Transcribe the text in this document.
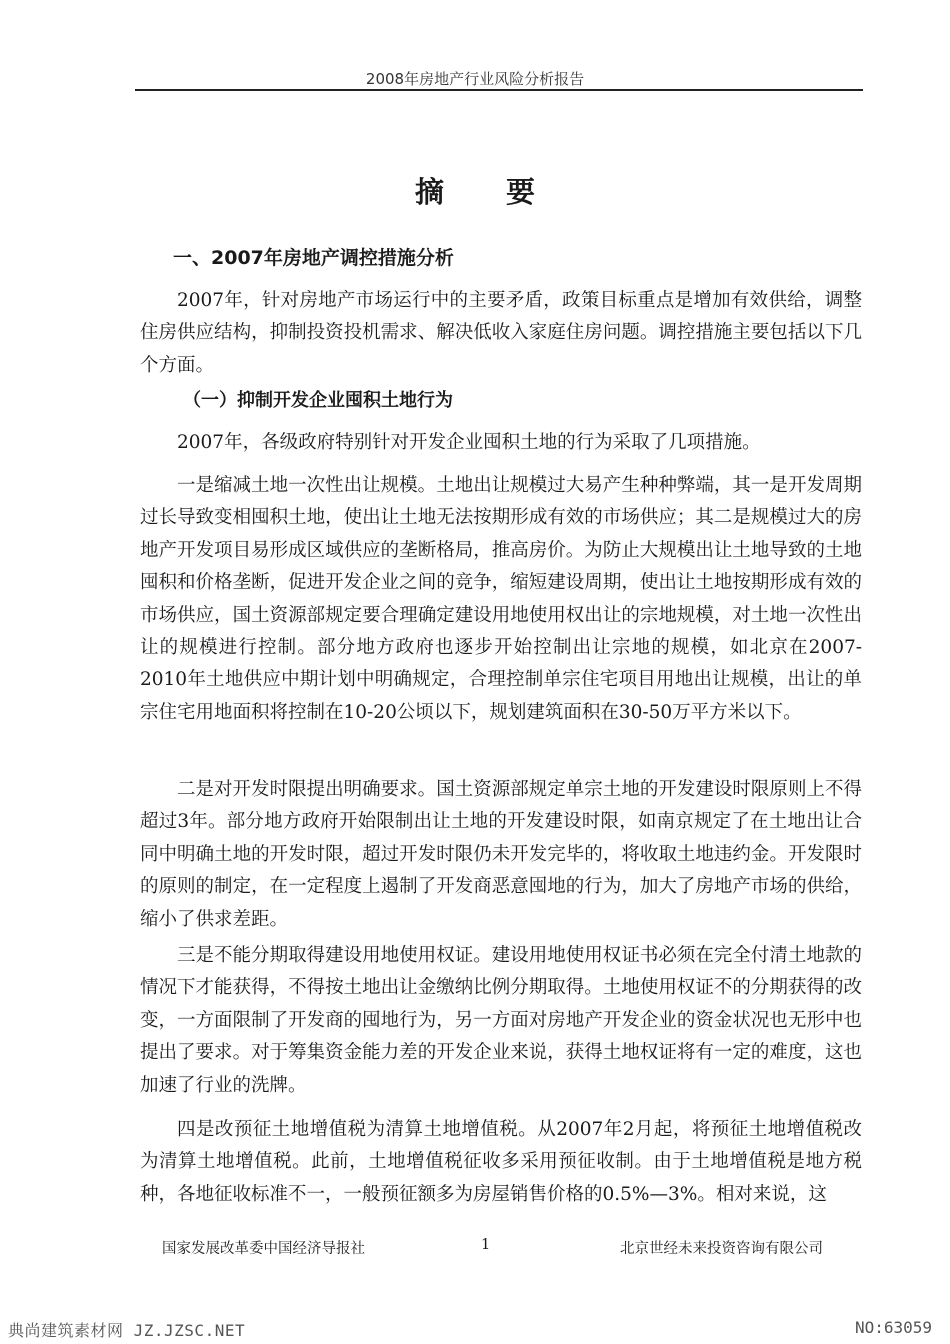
2008年房地产行业风险分析报告
摘 要
一、2007年房地产调控措施分析

2007年，针对房地产市场运行中的主要矛盾，政策目标重点是增加有效供给，调整住房供应结构，抑制投资投机需求、解决低收入家庭住房问题。调控措施主要包括以下几个方面。

（一）抑制开发企业囤积土地行为

2007年，各级政府特别针对开发企业囤积土地的行为采取了几项措施。

一是缩减土地一次性出让规模。土地出让规模过大易产生种种弊端，其一是开发周期过长导致变相囤积土地，使出让土地无法按期形成有效的市场供应；其二是规模过大的房地产开发项目易形成区域供应的垄断格局，推高房价。为防止大规模出让土地导致的土地囤积和价格垄断，促进开发企业之间的竞争，缩短建设周期，使出让土地按期形成有效的市场供应，国土资源部规定要合理确定建设用地使用权出让的宗地规模，对土地一次性出让的规模进行控制。部分地方政府也逐步开始控制出让宗地的规模，如北京在2007-2010年土地供应中期计划中明确规定，合理控制单宗住宅项目用地出让规模，出让的单宗住宅用地面积将控制在10-20公顷以下，规划建筑面积在30-50万平方米以下。

二是对开发时限提出明确要求。国土资源部规定单宗土地的开发建设时限原则上不得超过3年。部分地方政府开始限制出让土地的开发建设时限，如南京规定了在土地出让合同中明确土地的开发时限，超过开发时限仍未开发完毕的，将收取土地违约金。开发限时的原则的制定，在一定程度上遏制了开发商恶意囤地的行为，加大了房地产市场的供给，缩小了供求差距。

三是不能分期取得建设用地使用权证。建设用地使用权证书必须在完全付清土地款的情况下才能获得，不得按土地出让金缴纳比例分期取得。土地使用权证不的分期获得的改变，一方面限制了开发商的囤地行为，另一方面对房地产开发企业的资金状况也无形中也提出了要求。对于筹集资金能力差的开发企业来说，获得土地权证将有一定的难度，这也加速了行业的洗牌。

四是改预征土地增值税为清算土地增值税。从2007年2月起，将预征土地增值税改为清算土地增值税。此前，土地增值税征收多采用预征收制。由于土地增值税是地方税种，各地征收标准不一，一般预征额多为房屋销售价格的0.5%—3%。相对来说，这

国家发展改革委中国经济导报社	1	北京世经未来投资咨询有限公司
典尚建筑素材网 JZ.JZSC.NET	NO:63059
